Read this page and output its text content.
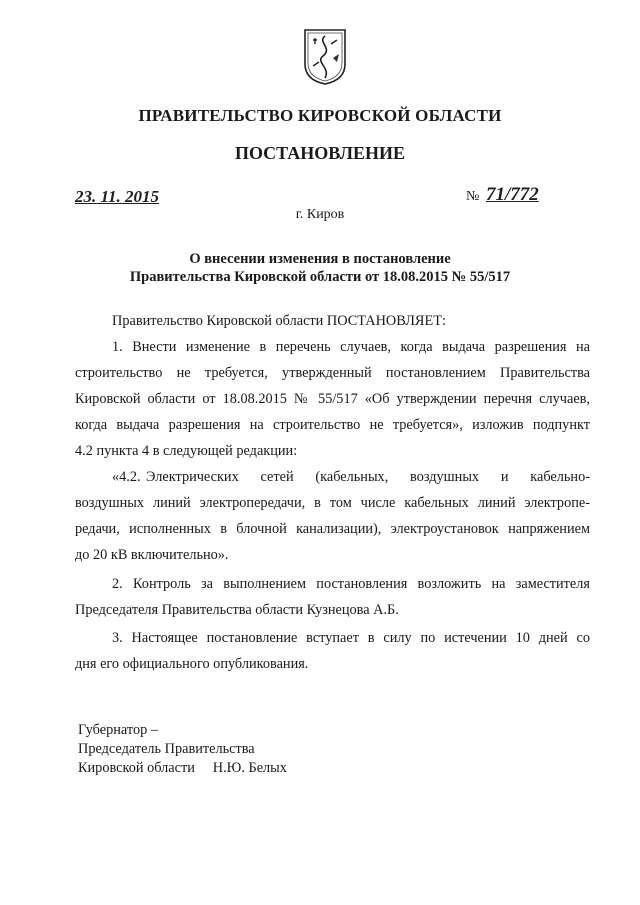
ПРАВИТЕЛЬСТВО КИРОВСКОЙ ОБЛАСТИ
ПОСТАНОВЛЕНИЕ
23. 11. 2015	№ 71/772
г. Киров
О внесении изменения в постановление
Правительства Кировской области от 18.08.2015 № 55/517
Правительство Кировской области ПОСТАНОВЛЯЕТ:
1. Внести изменение в перечень случаев, когда выдача разрешения на
строительство не требуется, утвержденный постановлением Правительства
Кировской области от 18.08.2015 № 55/517 «Об утверждении перечня случаев,
когда выдача разрешения на строительство не требуется», изложив подпункт
4.2 пункта 4 в следующей редакции:
«4.2. Электрических    сетей    (кабельных,    воздушных    и    кабельно-
воздушных линий электропередачи, в том числе кабельных линий электропе-
редачи, исполненных в блочной канализации), электроустановок напряжением
до 20 кВ включительно».
2. Контроль за выполнением постановления возложить на заместителя
Председателя Правительства области Кузнецова А.Б.
3. Настоящее постановление вступает в силу по истечении 10 дней со
дня его официального опубликования.
Губернатор –
Председатель Правительства
Кировской области     Н.Ю. Белых
